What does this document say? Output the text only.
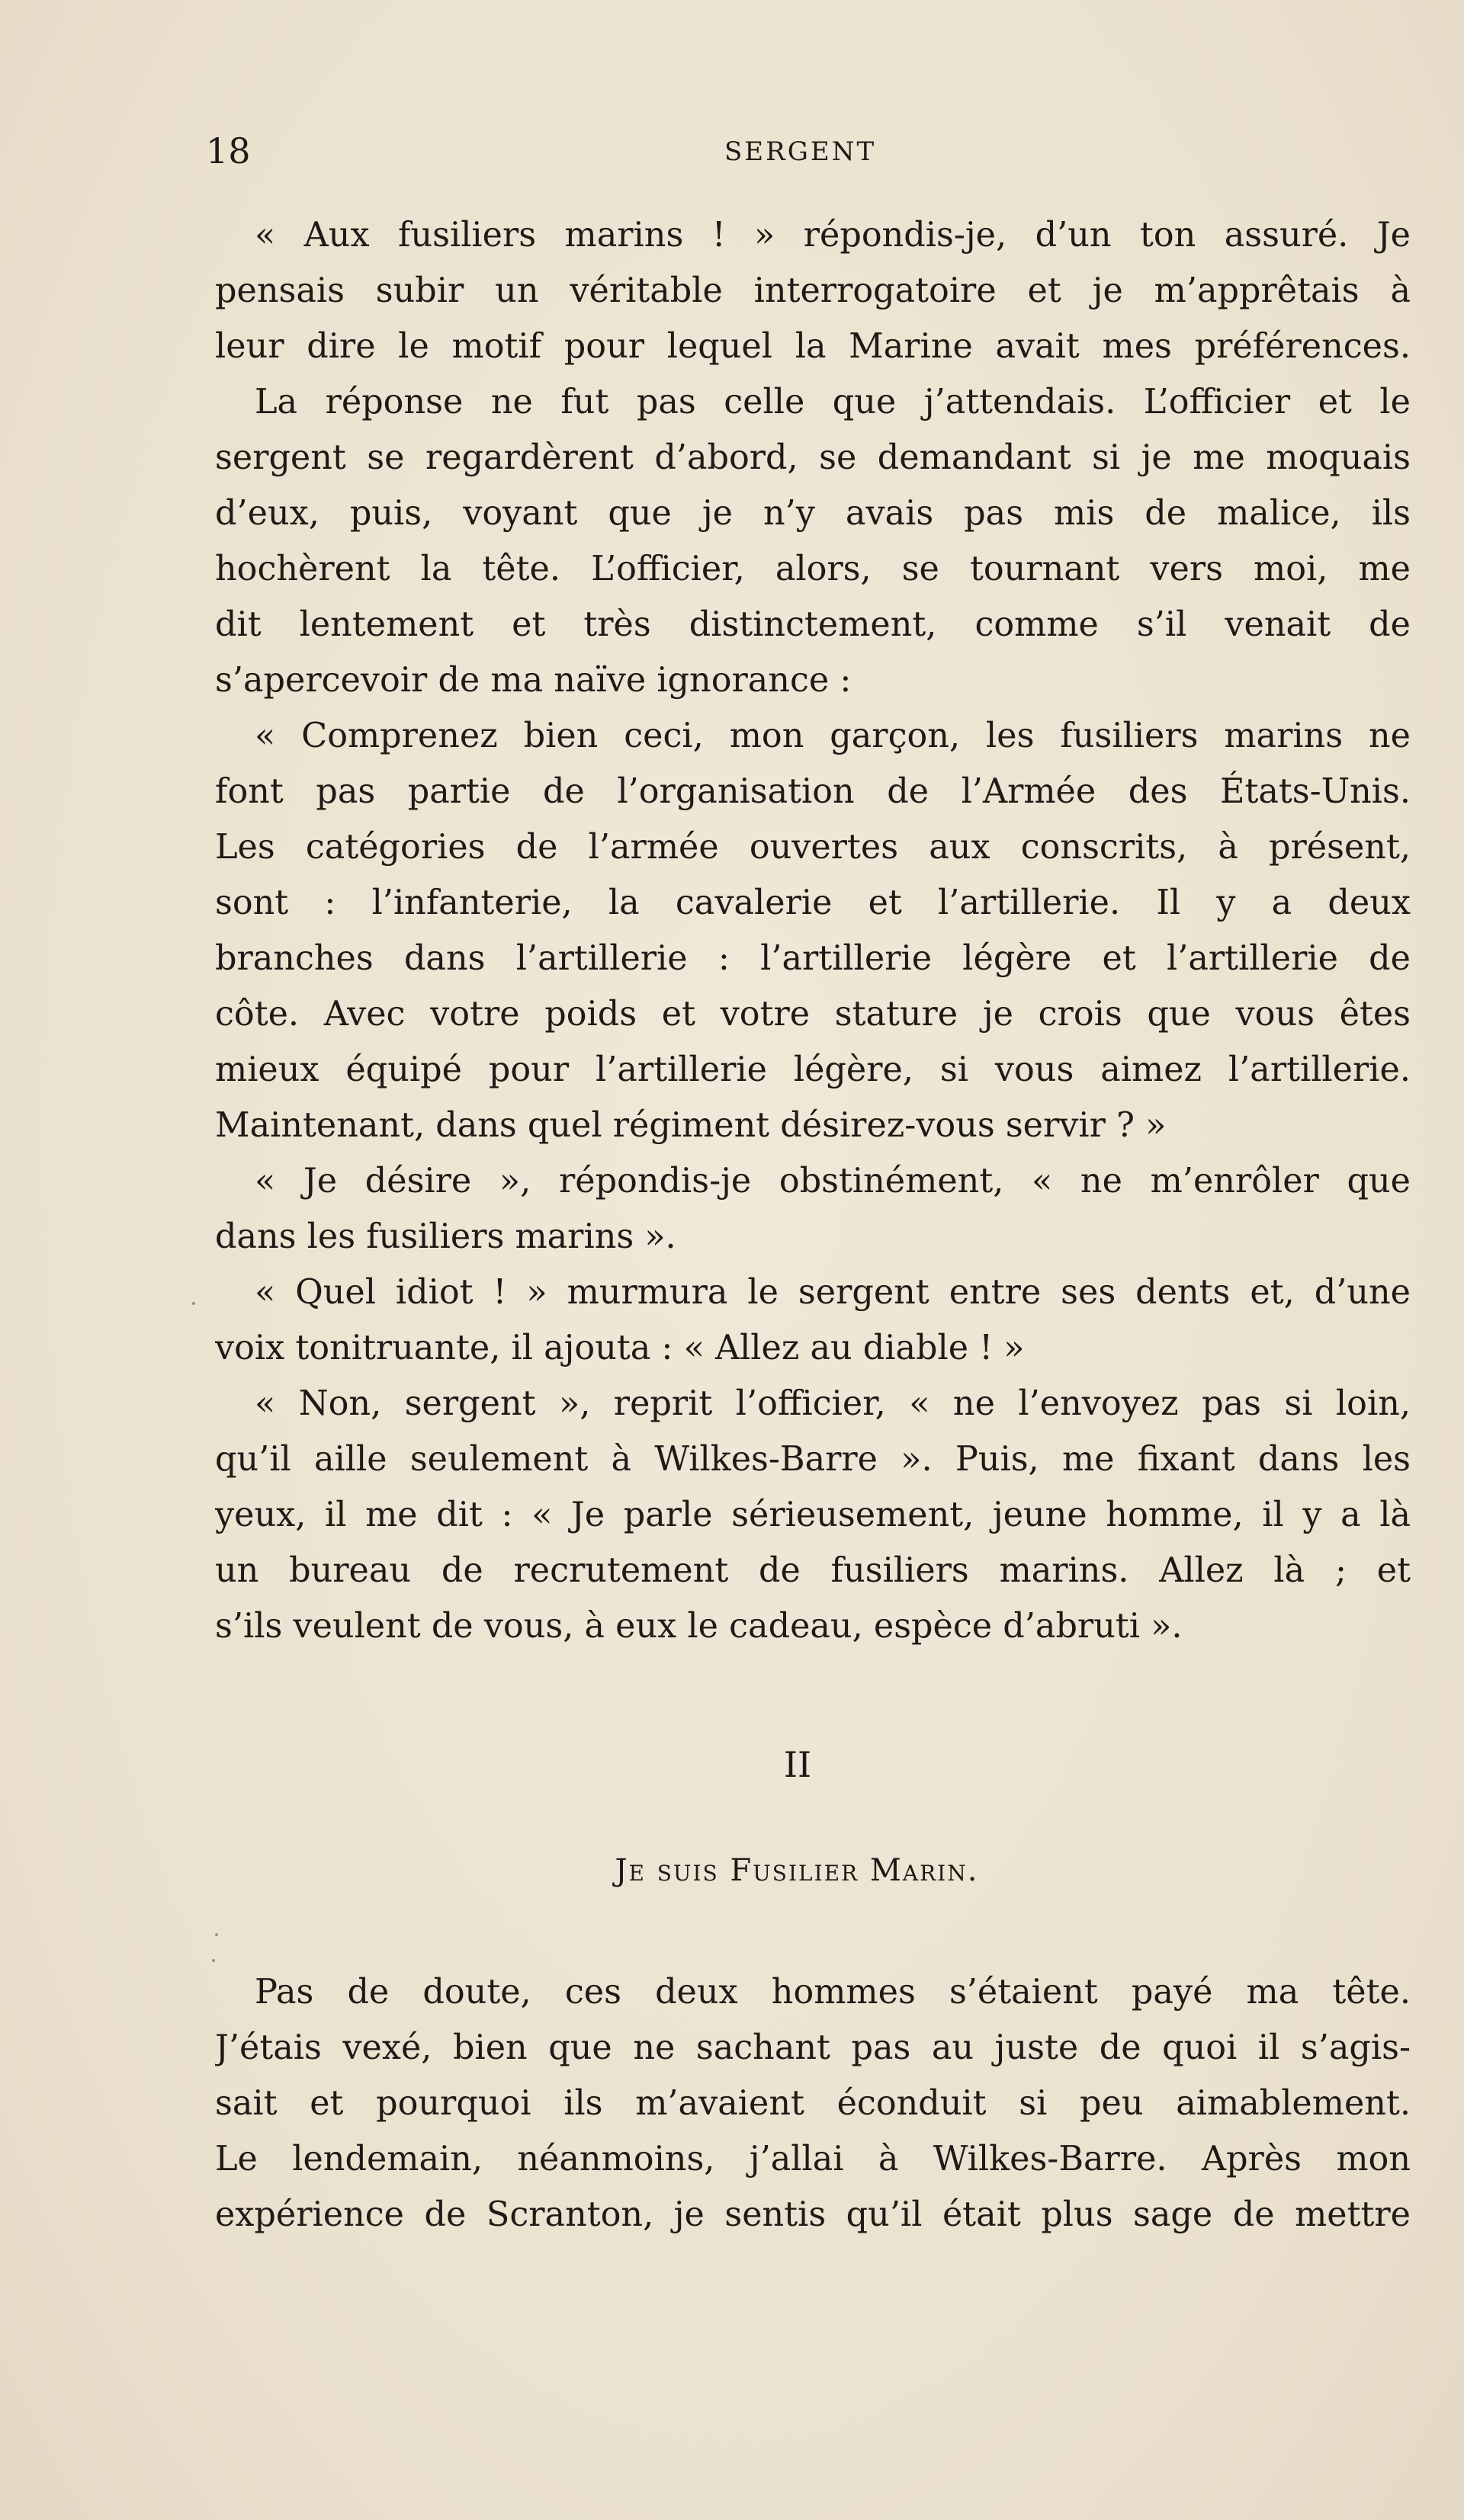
18	SERGENT
« Aux fusiliers marins ! » répondis-je, d’un ton assuré. Je
pensais subir un véritable interrogatoire et je m’apprêtais à
leur dire le motif pour lequel la Marine avait mes préférences.
La réponse ne fut pas celle que j’attendais. L’officier et le
sergent se regardèrent d’abord, se demandant si je me moquais
d’eux, puis, voyant que je n’y avais pas mis de malice, ils
hochèrent la tête. L’officier, alors, se tournant vers moi, me
dit lentement et très distinctement, comme s’il venait de
s’apercevoir de ma naïve ignorance :
« Comprenez bien ceci, mon garçon, les fusiliers marins ne
font pas partie de l’organisation de l’Armée des États-Unis.
Les catégories de l’armée ouvertes aux conscrits, à présent,
sont : l’infanterie, la cavalerie et l’artillerie. Il y a deux
branches dans l’artillerie : l’artillerie légère et l’artillerie de
côte. Avec votre poids et votre stature je crois que vous êtes
mieux équipé pour l’artillerie légère, si vous aimez l’artillerie.
Maintenant, dans quel régiment désirez-vous servir ? »
« Je désire », répondis-je obstinément, « ne m’enrôler que
dans les fusiliers marins ».
« Quel idiot ! » murmura le sergent entre ses dents et, d’une
voix tonitruante, il ajouta : « Allez au diable ! »
« Non, sergent », reprit l’officier, « ne l’envoyez pas si loin,
qu’il aille seulement à Wilkes-Barre ». Puis, me fixant dans les
yeux, il me dit : « Je parle sérieusement, jeune homme, il y a là
un bureau de recrutement de fusiliers marins. Allez là ; et
s’ils veulent de vous, à eux le cadeau, espèce d’abruti ».
II
Je suis Fusilier Marin.
Pas de doute, ces deux hommes s’étaient payé ma tête.
J’étais vexé, bien que ne sachant pas au juste de quoi il s’agis-
sait et pourquoi ils m’avaient éconduit si peu aimablement.
Le lendemain, néanmoins, j’allai à Wilkes-Barre. Après mon
expérience de Scranton, je sentis qu’il était plus sage de mettre
